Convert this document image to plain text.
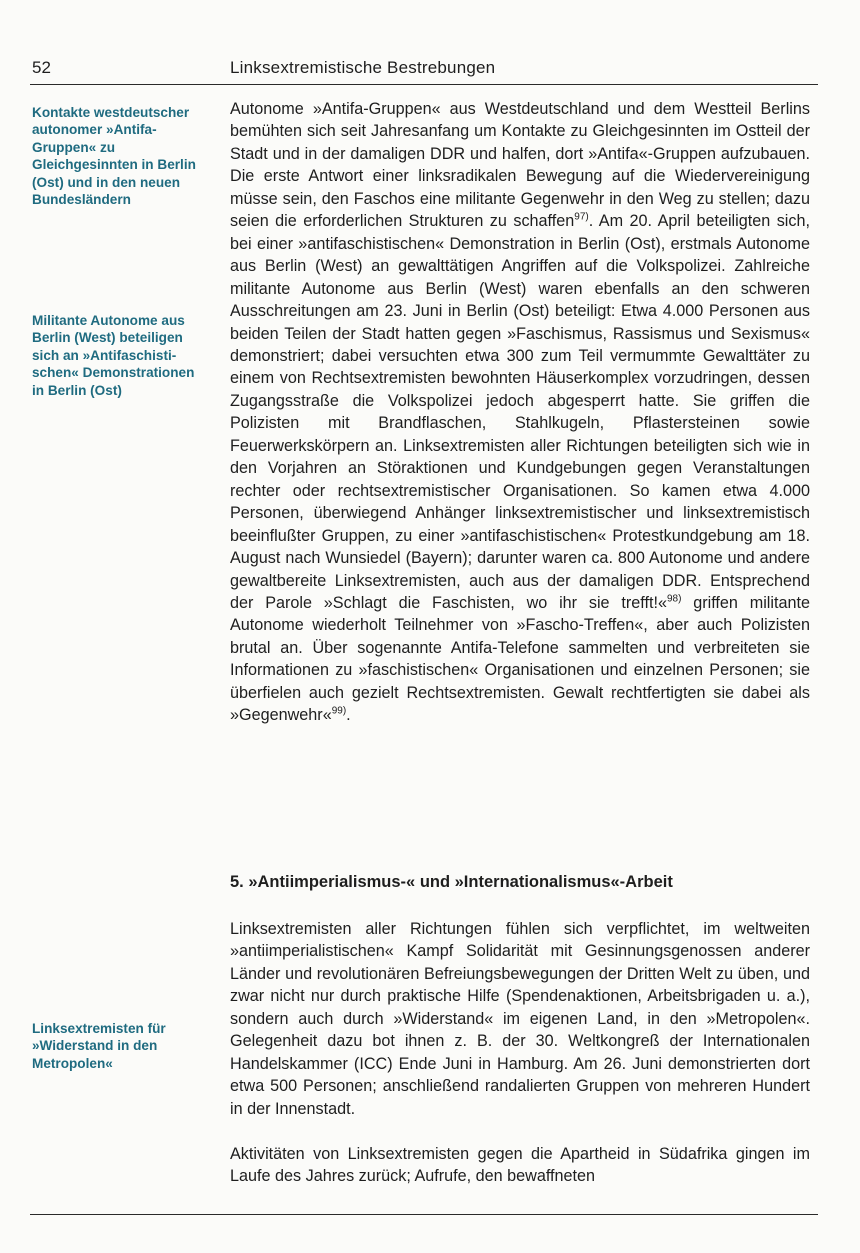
52	Linksextremistische Bestrebungen
Kontakte westdeutscher autonomer »Antifa-Gruppen« zu Gleichgesinnten in Berlin (Ost) und in den neuen Bundesländern
Militante Autonome aus Berlin (West) beteiligen sich an »Antifaschistischen« Demonstrationen in Berlin (Ost)
Linksextremisten für »Widerstand in den Metropolen«

Autonome »Antifa-Gruppen« aus Westdeutschland und dem Westteil Berlins bemühten sich seit Jahresanfang um Kontakte zu Gleichgesinnten im Ostteil der Stadt und in der damaligen DDR und halfen, dort »Antifa«-Gruppen aufzubauen. Die erste Antwort einer linksradikalen Bewegung auf die Wiedervereinigung müsse sein, den Faschos eine militante Gegenwehr in den Weg zu stellen; dazu seien die erforderlichen Strukturen zu schaffen$^{97)}$. Am 20. April beteiligten sich, bei einer »antifaschistischen« Demonstration in Berlin (Ost), erstmals Autonome aus Berlin (West) an gewalttätigen Angriffen auf die Volkspolizei. Zahlreiche militante Autonome aus Berlin (West) waren ebenfalls an den schweren Ausschreitungen am 23. Juni in Berlin (Ost) beteiligt: Etwa 4.000 Personen aus beiden Teilen der Stadt hatten gegen »Faschismus, Rassismus und Sexismus« demonstriert; dabei versuchten etwa 300 zum Teil vermummte Gewalttäter zu einem von Rechtsextremisten bewohnten Häuserkomplex vorzudringen, dessen Zugangsstraße die Volkspolizei jedoch abgesperrt hatte. Sie griffen die Polizisten mit Brandflaschen, Stahlkugeln, Pflastersteinen sowie Feuerwerkskörpern an. Linksextremisten aller Richtungen beteiligten sich wie in den Vorjahren an Störaktionen und Kundgebungen gegen Veranstaltungen rechter oder rechtsextremistischer Organisationen. So kamen etwa 4.000 Personen, überwiegend Anhänger linksextremistischer und linksextremistisch beeinflußter Gruppen, zu einer »antifaschistischen« Protestkundgebung am 18. August nach Wunsiedel (Bayern); darunter waren ca. 800 Autonome und andere gewaltbereite Linksextremisten, auch aus der damaligen DDR. Entsprechend der Parole »Schlagt die Faschisten, wo ihr sie trefft!«$^{98)}$ griffen militante Autonome wiederholt Teilnehmer von »Fascho-Treffen«, aber auch Polizisten brutal an. Über sogenannte Antifa-Telefone sammelten und verbreiteten sie Informationen zu »faschistischen« Organisationen und einzelnen Personen; sie überfielen auch gezielt Rechtsextremisten. Gewalt rechtfertigten sie dabei als »Gegenwehr«$^{99)}$.

5. »Antiimperialismus-« und »Internationalismus«-Arbeit

Linksextremisten aller Richtungen fühlen sich verpflichtet, im weltweiten »antiimperialistischen« Kampf Solidarität mit Gesinnungsgenossen anderer Länder und revolutionären Befreiungsbewegungen der Dritten Welt zu üben, und zwar nicht nur durch praktische Hilfe (Spendenaktionen, Arbeitsbrigaden u. a.), sondern auch durch »Widerstand« im eigenen Land, in den »Metropolen«. Gelegenheit dazu bot ihnen z. B. der 30. Weltkongreß der Internationalen Handelskammer (ICC) Ende Juni in Hamburg. Am 26. Juni demonstrierten dort etwa 500 Personen; anschließend randalierten Gruppen von mehreren Hundert in der Innenstadt.

Aktivitäten von Linksextremisten gegen die Apartheid in Südafrika gingen im Laufe des Jahres zurück; Aufrufe, den bewaffneten
